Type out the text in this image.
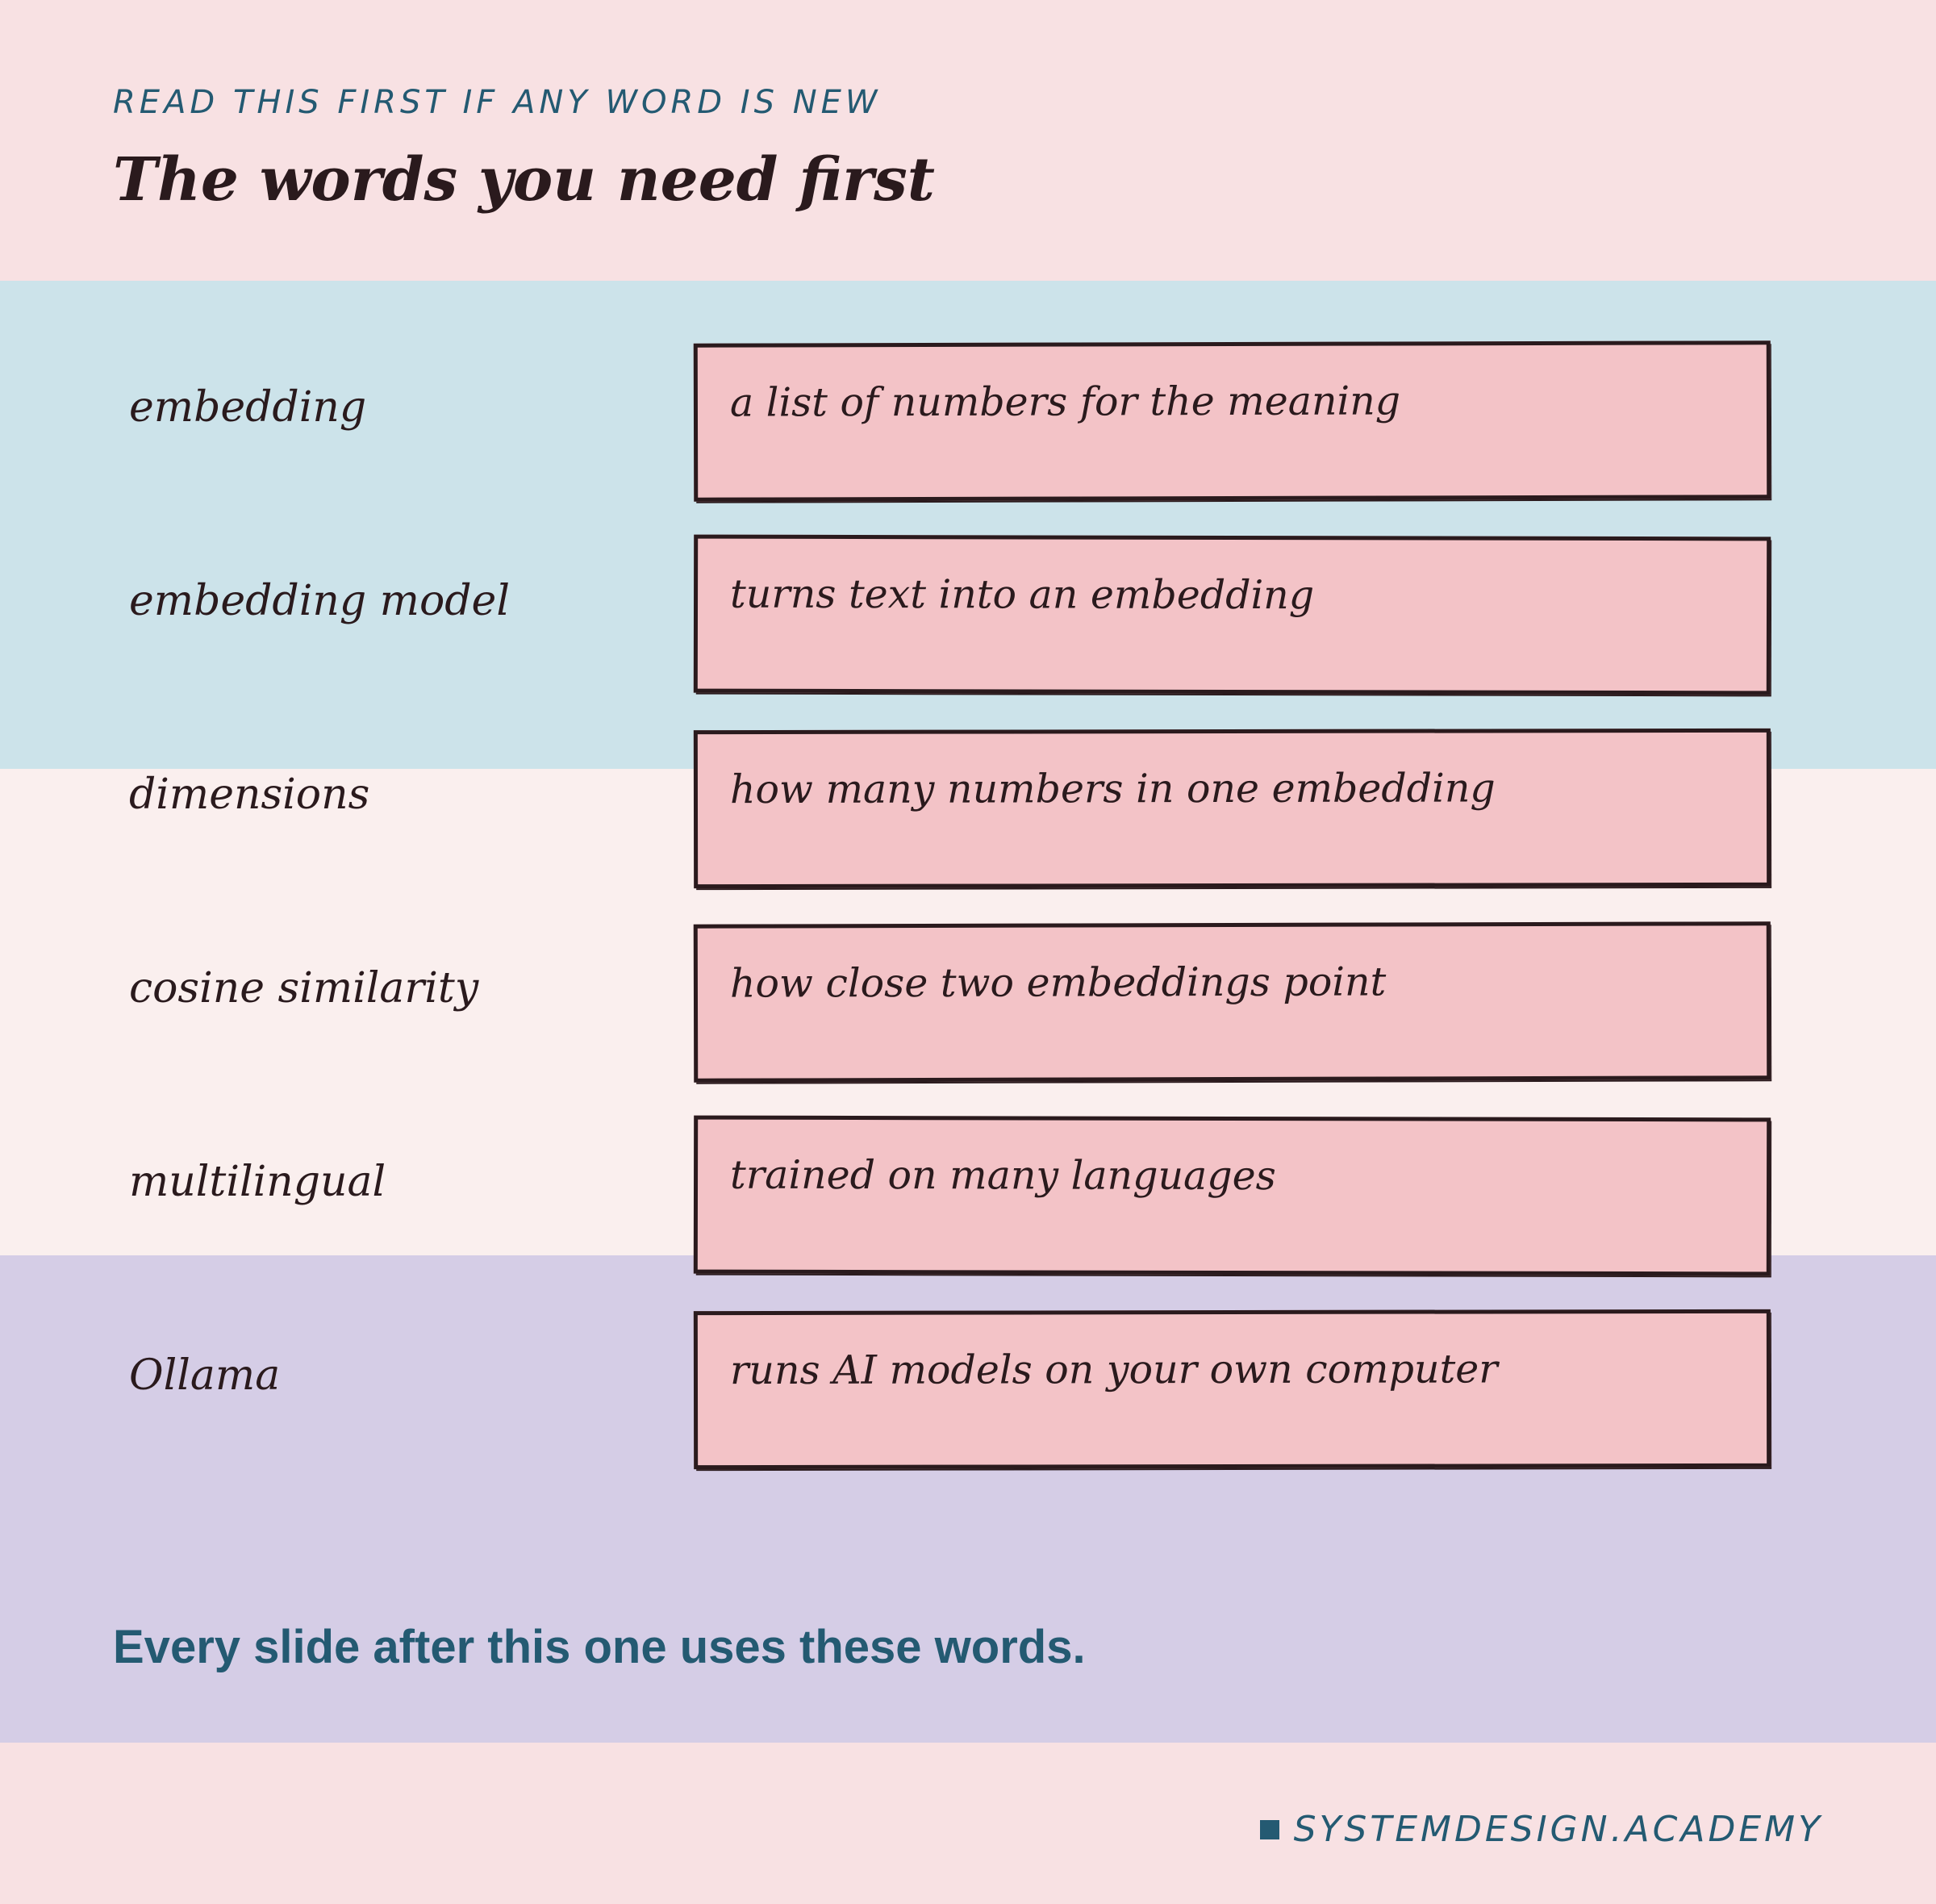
READ THIS FIRST IF ANY WORD IS NEW
The words you need first
embedding	a list of numbers for the meaning
embedding model	turns text into an embedding
dimensions	how many numbers in one embedding
cosine similarity	how close two embeddings point
multilingual	trained on many languages
Ollama	runs AI models on your own computer
Every slide after this one uses these words.
SYSTEMDESIGN.ACADEMY
